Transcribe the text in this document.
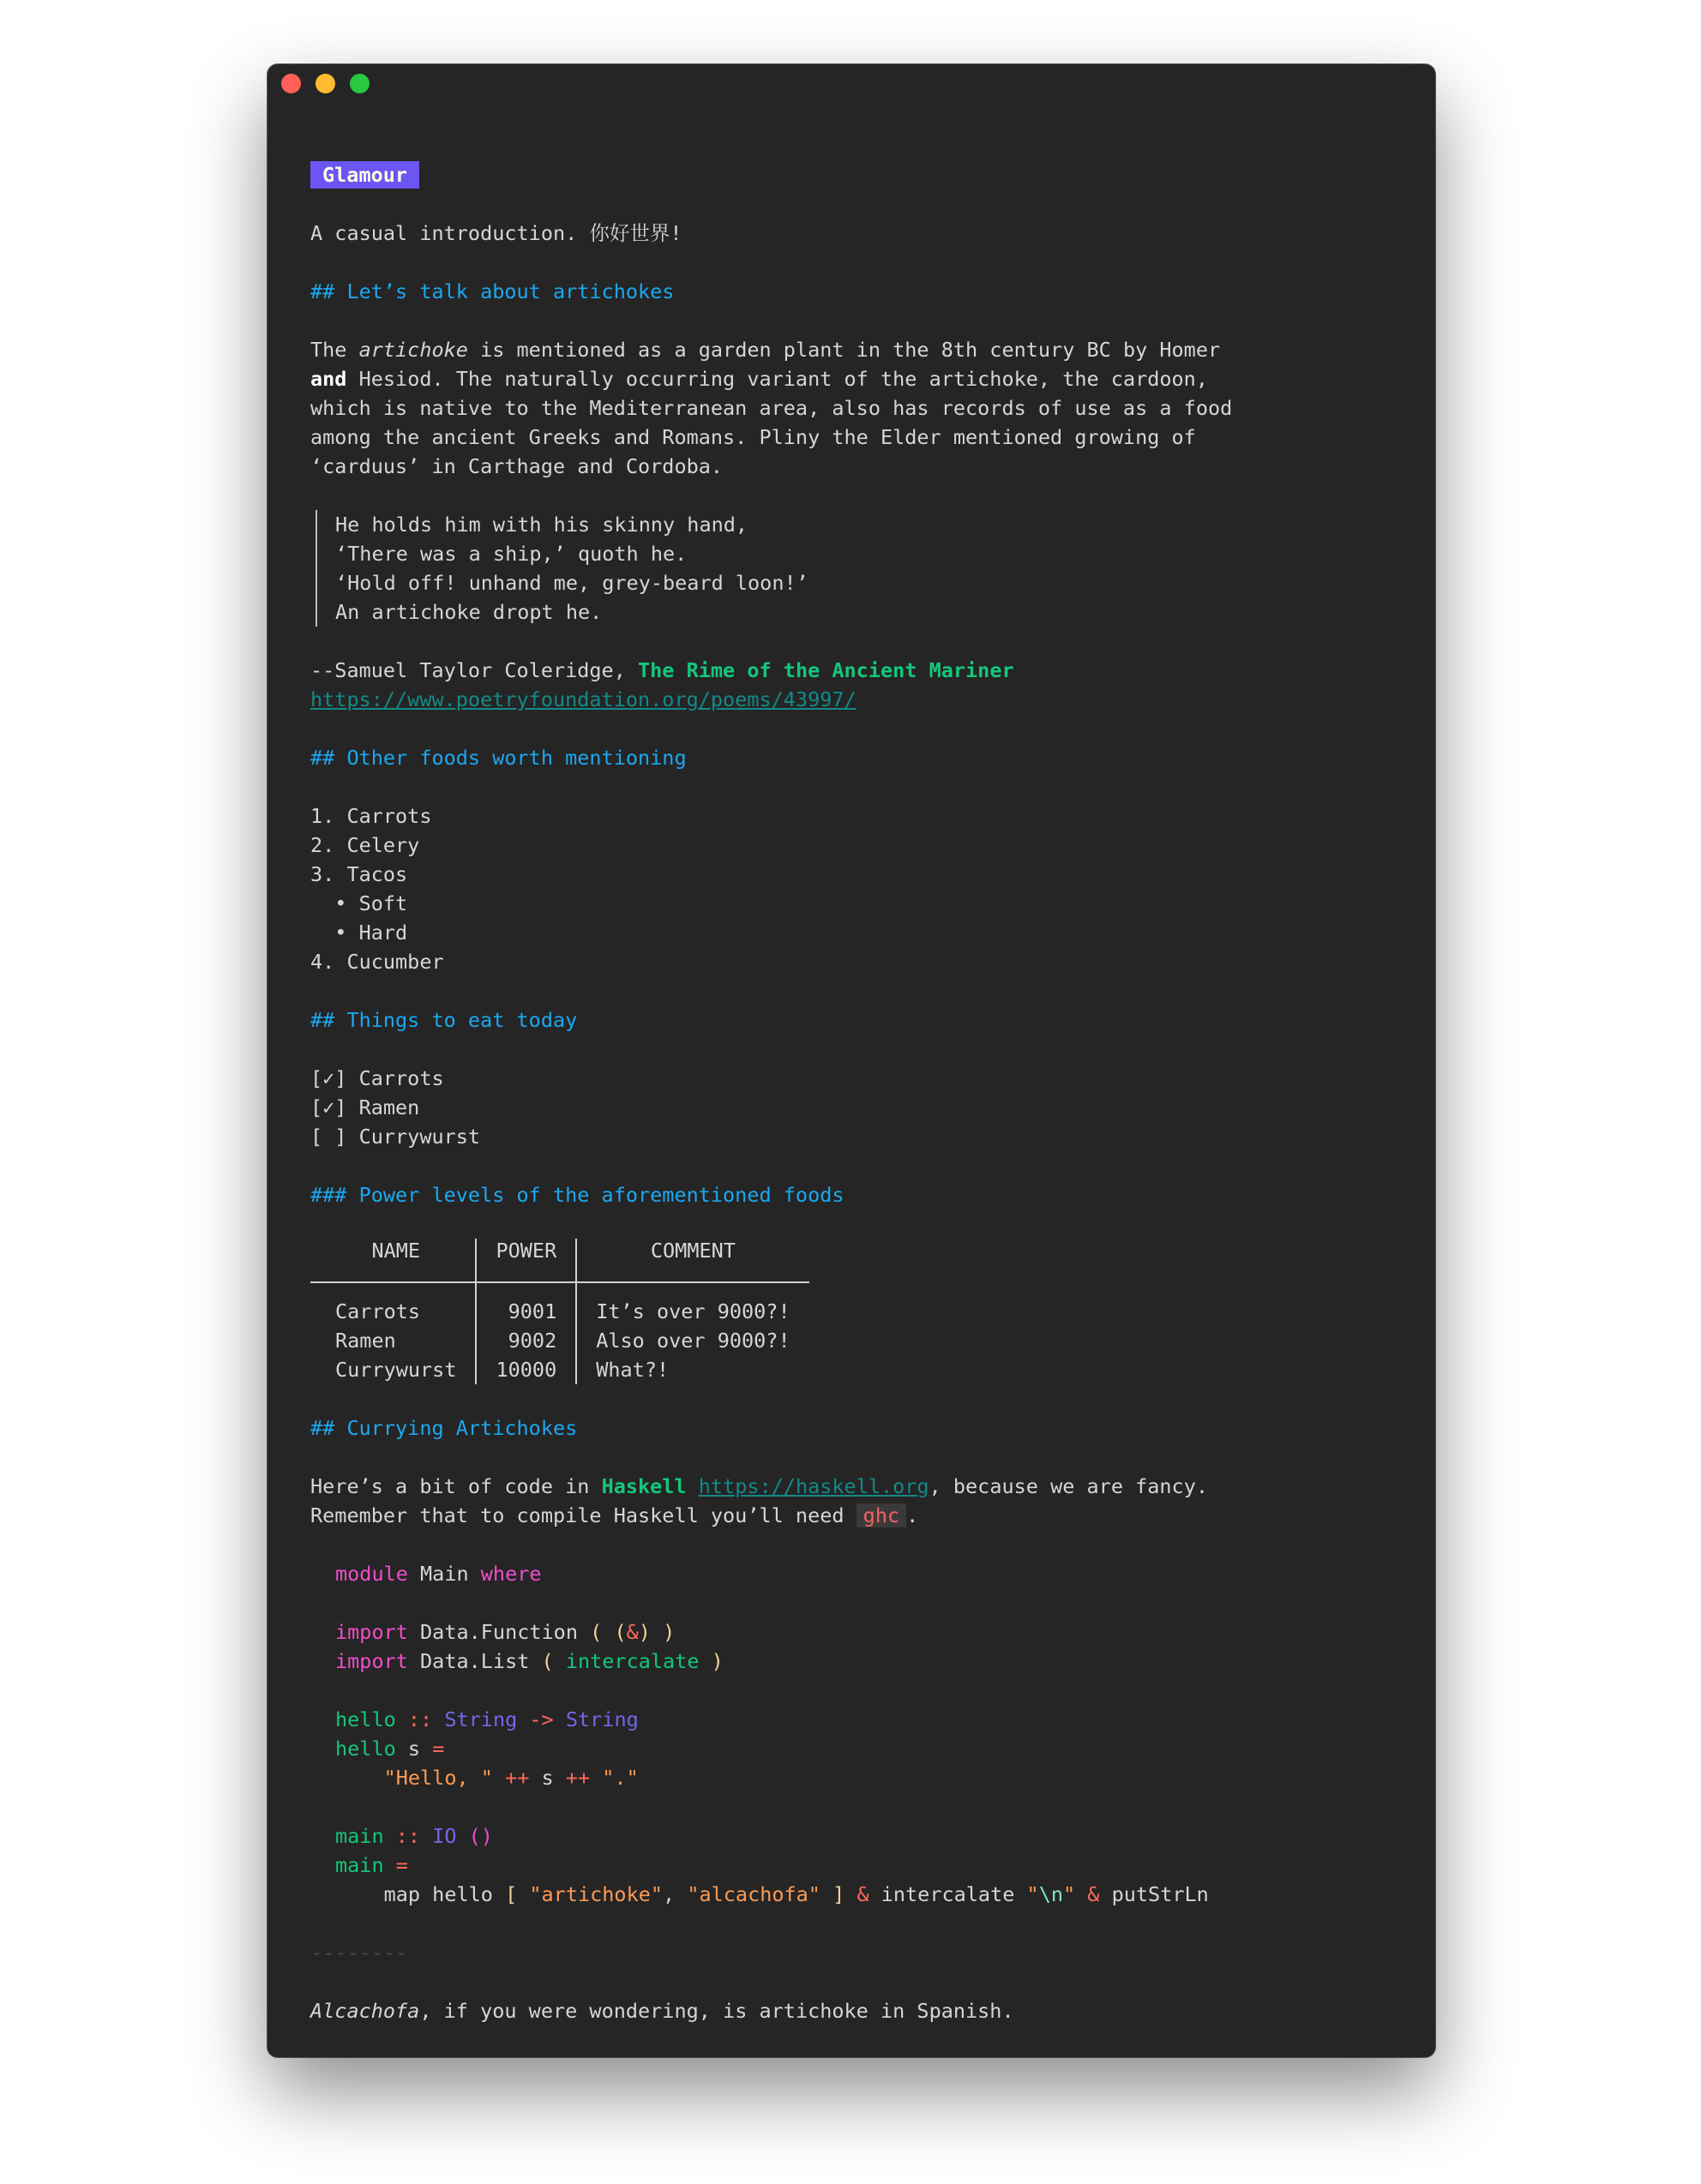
Glamour
A casual introduction. 你好世界!
## Let’s talk about artichokes
The artichoke is mentioned as a garden plant in the 8th century BC by Homer
and Hesiod. The naturally occurring variant of the artichoke, the cardoon,
which is native to the Mediterranean area, also has records of use as a food
among the ancient Greeks and Romans. Pliny the Elder mentioned growing of
‘carduus’ in Carthage and Cordoba.
He holds him with his skinny hand,
‘There was a ship,’ quoth he.
‘Hold off! unhand me, grey-beard loon!’
An artichoke dropt he.
--Samuel Taylor Coleridge, The Rime of the Ancient Mariner
https://www.poetryfoundation.org/poems/43997/
## Other foods worth mentioning
1. Carrots
2. Celery
3. Tacos
• Soft
• Hard
4. Cucumber
## Things to eat today
[✓] Carrots
[✓] Ramen
[ ] Currywurst
### Power levels of the aforementioned foods
NAME	POWER	COMMENT
Carrots	9001	It’s over 9000?!
Ramen	9002	Also over 9000?!
Currywurst	10000	What?!
## Currying Artichokes
Here’s a bit of code in Haskell https://haskell.org, because we are fancy.
Remember that to compile Haskell you’ll need ghc .
module Main where
import Data.Function ( (&) )
import Data.List ( intercalate )
hello :: String -> String
hello s =
"Hello, " ++ s ++ "."
main :: IO ()
main =
map hello [ "artichoke", "alcachofa" ] & intercalate "\n" & putStrLn
--------
Alcachofa, if you were wondering, is artichoke in Spanish.
